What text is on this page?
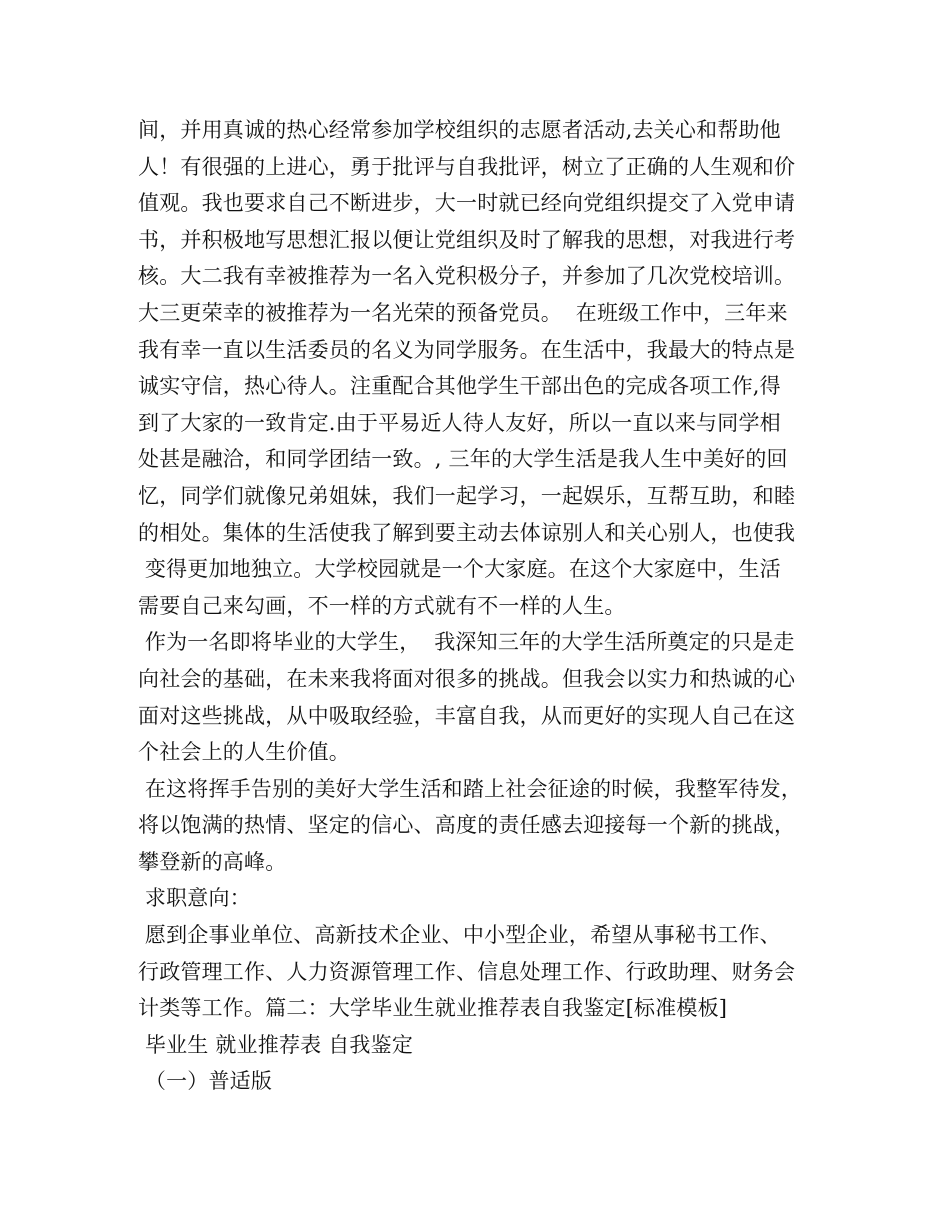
间，并用真诚的热心经常参加学校组织的志愿者活动,去关心和帮助他
人！有很强的上进心，勇于批评与自我批评，树立了正确的人生观和价
值观。我也要求自己不断进步，大一时就已经向党组织提交了入党申请
书，并积极地写思想汇报以便让党组织及时了解我的思想，对我进行考
核。大二我有幸被推荐为一名入党积极分子，并参加了几次党校培训。
大三更荣幸的被推荐为一名光荣的预备党员。  在班级工作中，三年来
我有幸一直以生活委员的名义为同学服务。在生活中，我最大的特点是
诚实守信，热心待人。注重配合其他学生干部出色的完成各项工作,得
到了大家的一致肯定.由于平易近人待人友好，所以一直以来与同学相
处甚是融洽，和同学团结一致。, 三年的大学生活是我人生中美好的回
忆，同学们就像兄弟姐妹，我们一起学习，一起娱乐，互帮互助，和睦
的相处。集体的生活使我了解到要主动去体谅别人和关心别人，也使我
变得更加地独立。大学校园就是一个大家庭。在这个大家庭中，生活
需要自己来勾画，不一样的方式就有不一样的人生。
作为一名即将毕业的大学生，  我深知三年的大学生活所奠定的只是走
向社会的基础，在未来我将面对很多的挑战。但我会以实力和热诚的心
面对这些挑战，从中吸取经验，丰富自我，从而更好的实现人自己在这
个社会上的人生价值。
在这将挥手告别的美好大学生活和踏上社会征途的时候，我整军待发，
将以饱满的热情、坚定的信心、高度的责任感去迎接每一个新的挑战，
攀登新的高峰。
求职意向：
愿到企事业单位、高新技术企业、中小型企业，希望从事秘书工作、
行政管理工作、人力资源管理工作、信息处理工作、行政助理、财务会
计类等工作。篇二：大学毕业生就业推荐表自我鉴定[标准模板]
毕业生 就业推荐表 自我鉴定
（一）普适版
